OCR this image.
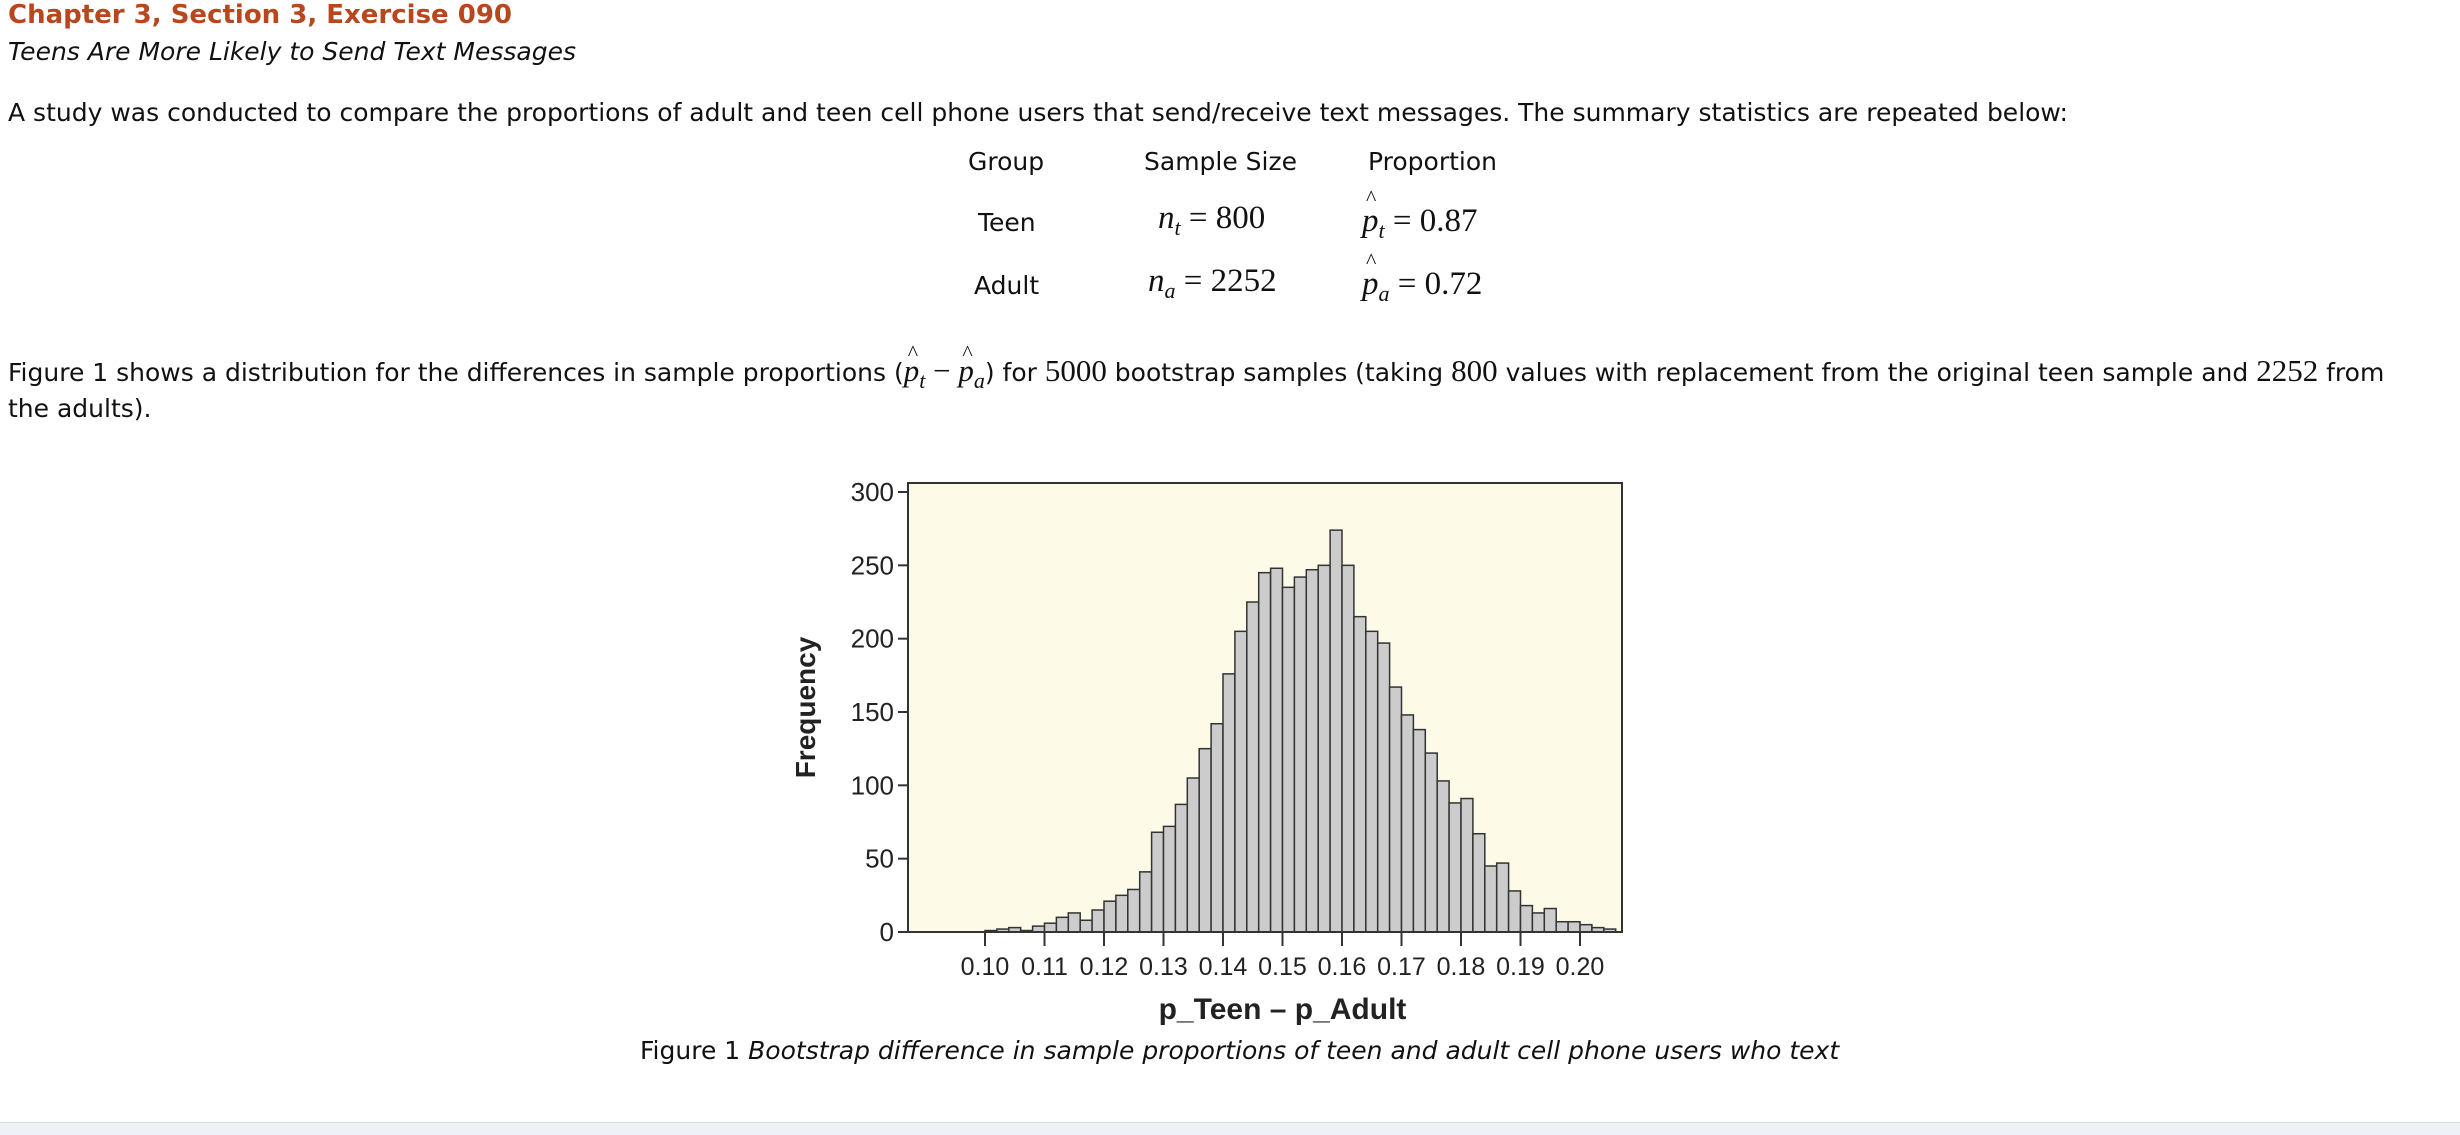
Chapter 3, Section 3, Exercise 090
Teens Are More Likely to Send Text Messages
A study was conducted to compare the proportions of adult and teen cell phone users that send/receive text messages. The summary statistics are repeated below:
Group	Sample Size	Proportion
Teen	$n_t = 800$	^ $p_t = 0.87$
Adult	$n_a = 2252$	^ $p_a = 0.72$
Figure 1 shows a distribution for the differences in sample proportions (^ $p_t$ − ^ $p_a$) for 5000 bootstrap samples (taking 800 values with replacement from the original teen sample and 2252 from the adults).
0
50
100
150
200
250
300
0.10 0.11 0.12 0.13 0.14 0.15 0.16 0.17 0.18 0.19 0.20
Frequency
p_Teen – p_Adult
Figure 1 Bootstrap difference in sample proportions of teen and adult cell phone users who text
